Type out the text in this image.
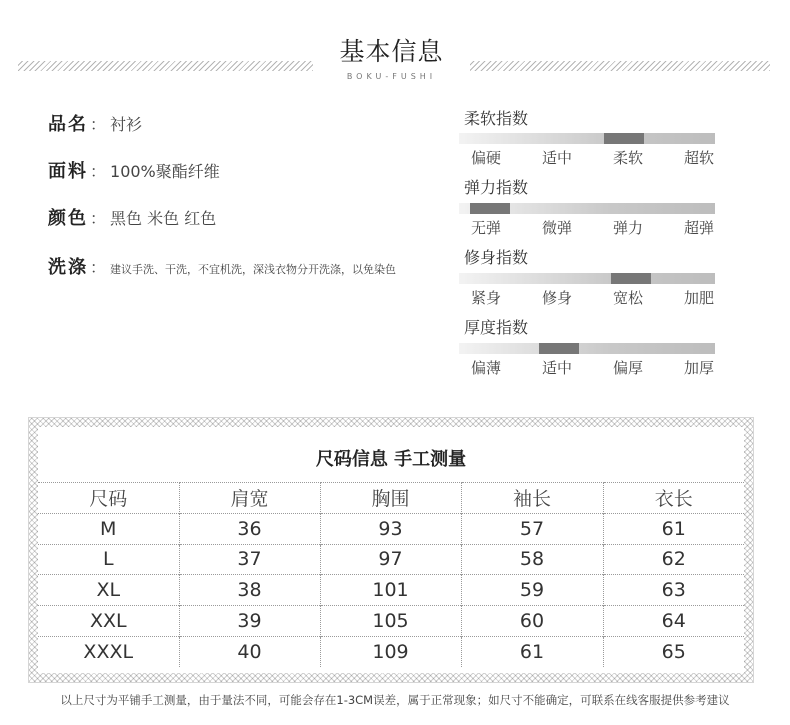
基本信息
BOKU-FUSHI
品名 ： 衬衫
面料 ： 100%聚酯纤维
颜色 ： 黑色 米色 红色
洗涤 ： 建议手洗、干洗，不宜机洗，深浅衣物分开洗涤，以免染色
柔软指数
偏硬	适中	柔软	超软
弹力指数
无弹	微弹	弹力	超弹
修身指数
紧身	修身	宽松	加肥
厚度指数
偏薄	适中	偏厚	加厚
尺码信息 手工测量
尺码	肩宽	胸围	袖长	衣长
M	36	93	57	61
L	37	97	58	62
XL	38	101	59	63
XXL	39	105	60	64
XXXL	40	109	61	65
以上尺寸为平铺手工测量，由于量法不同，可能会存在1-3CM误差，属于正常现象；如尺寸不能确定，可联系在线客服提供参考建议
